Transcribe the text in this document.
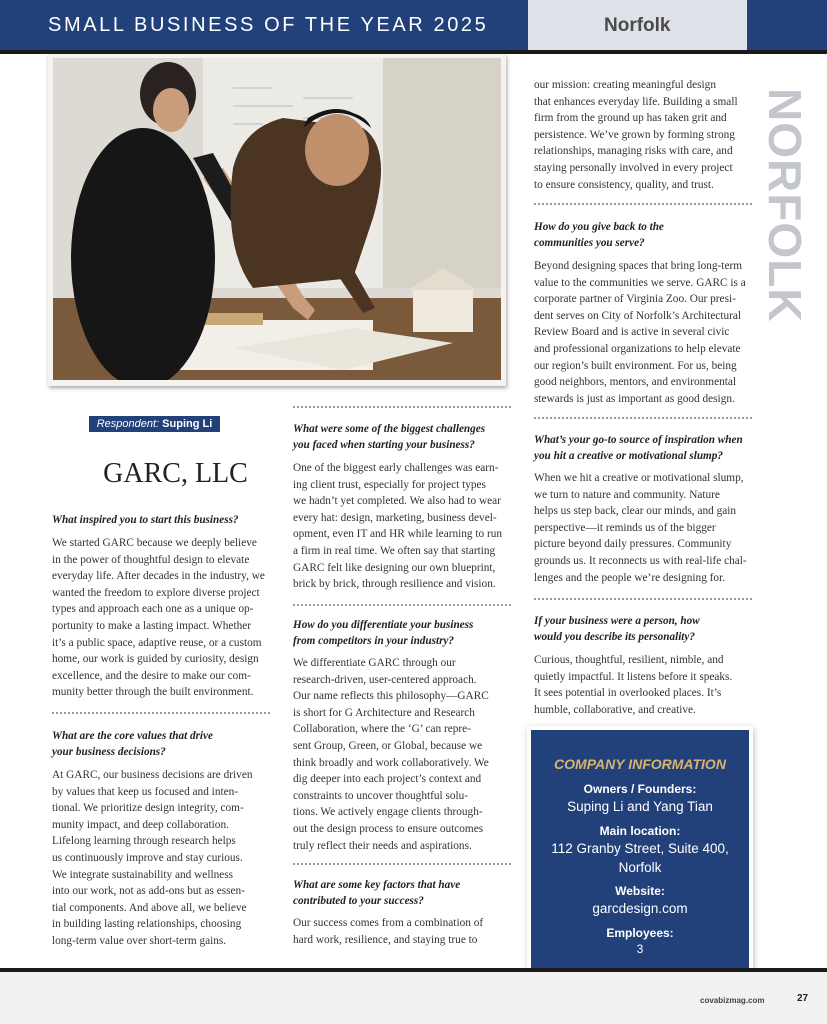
SMALL BUSINESS OF THE YEAR 2025	Norfolk
NORFOLK
Respondent: Suping Li
GARC, LLC
What inspired you to start this business?

We started GARC because we deeply believe

in the power of thoughtful design to elevate

everyday life. After decades in the industry, we

wanted the freedom to explore diverse project

types and approach each one as a unique op-

portunity to make a lasting impact. Whether

it’s a public space, adaptive reuse, or a custom

home, our work is guided by curiosity, design

excellence, and the desire to make our com-

munity better through the built environment.

What are the core values that drive
your business decisions?

At GARC, our business decisions are driven

by values that keep us focused and inten-

tional. We prioritize design integrity, com-

munity impact, and deep collaboration.

Lifelong learning through research helps

us continuously improve and stay curious.

We integrate sustainability and wellness

into our work, not as add-ons but as essen-

tial components. And above all, we believe

in building lasting relationships, choosing

long-term value over short-term gains.

What were some of the biggest challenges
you faced when starting your business?

One of the biggest early challenges was earn-

ing client trust, especially for project types

we hadn’t yet completed. We also had to wear

every hat: design, marketing, business devel-

opment, even IT and HR while learning to run

a firm in real time. We often say that starting

GARC felt like designing our own blueprint,

brick by brick, through resilience and vision.

How do you differentiate your business
from competitors in your industry?

We differentiate GARC through our

research-driven, user-centered approach.

Our name reflects this philosophy—GARC

is short for G Architecture and Research

Collaboration, where the ‘G’ can repre-

sent Group, Green, or Global, because we

think broadly and work collaboratively. We

dig deeper into each project’s context and

constraints to uncover thoughtful solu-

tions. We actively engage clients through-

out the design process to ensure outcomes

truly reflect their needs and aspirations.

What are some key factors that have
contributed to your success?

Our success comes from a combination of

hard work, resilience, and staying true to

our mission: creating meaningful design

that enhances everyday life. Building a small

firm from the ground up has taken grit and

persistence. We’ve grown by forming strong

relationships, managing risks with care, and

staying personally involved in every project

to ensure consistency, quality, and trust.

How do you give back to the
communities you serve?

Beyond designing spaces that bring long-term

value to the communities we serve. GARC is a

corporate partner of Virginia Zoo. Our presi-

dent serves on City of Norfolk’s Architectural

Review Board and is active in several civic

and professional organizations to help elevate

our region’s built environment. For us, being

good neighbors, mentors, and environmental

stewards is just as important as good design.

What’s your go-to source of inspiration when
you hit a creative or motivational slump?

When we hit a creative or motivational slump,

we turn to nature and community. Nature

helps us step back, clear our minds, and gain

perspective—it reminds us of the bigger

picture beyond daily pressures. Community

grounds us. It reconnects us with real-life chal-

lenges and the people we’re designing for.

If your business were a person, how
would you describe its personality?

Curious, thoughtful, resilient, nimble, and

quietly impactful. It listens before it speaks.

It sees potential in overlooked places. It’s

humble, collaborative, and creative.

COMPANY INFORMATION
Owners / Founders:
Suping Li and Yang Tian
Main location:
112 Granby Street, Suite 400,
Norfolk
Website:
garcdesign.com
Employees:
3
covabizmag.com	27
